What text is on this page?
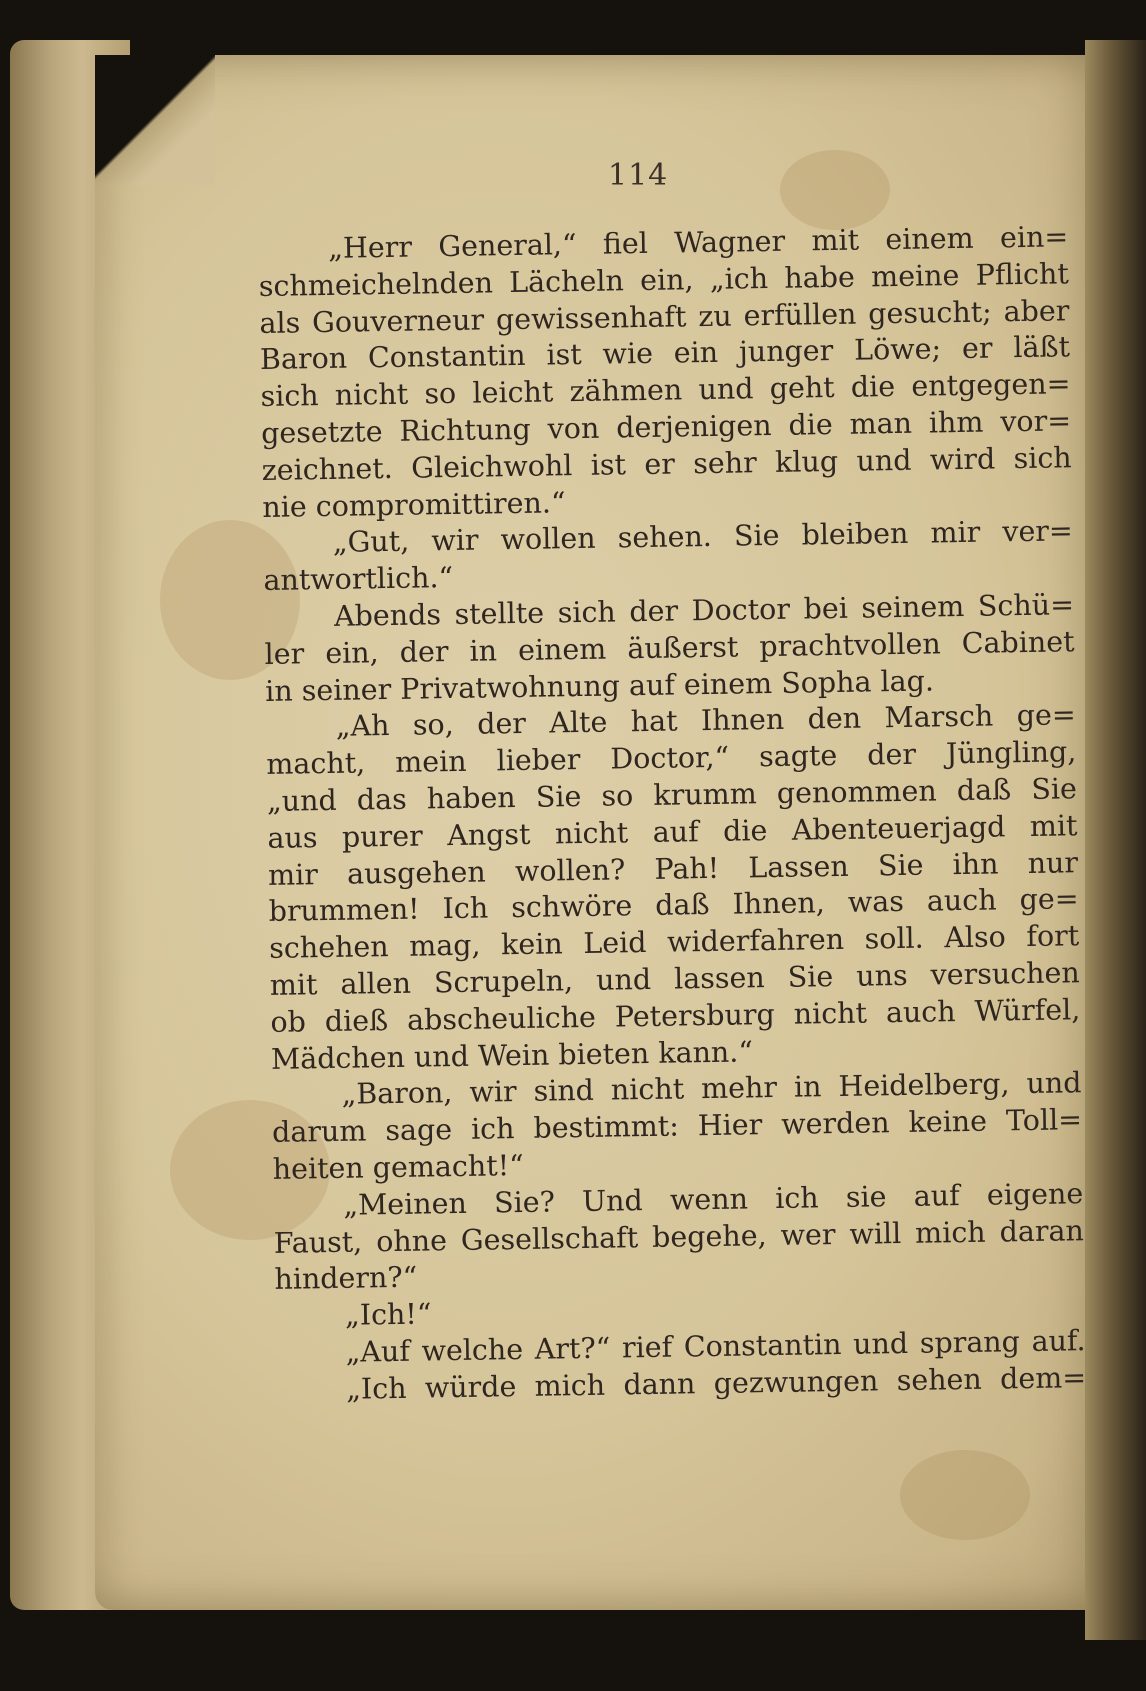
114
„Herr General,“ fiel Wagner mit einem ein=
schmeichelnden Lächeln ein, „ich habe meine Pflicht
als Gouverneur gewissenhaft zu erfüllen gesucht; aber
Baron Constantin ist wie ein junger Löwe; er läßt
sich nicht so leicht zähmen und geht die entgegen=
gesetzte Richtung von derjenigen die man ihm vor=
zeichnet. Gleichwohl ist er sehr klug und wird sich
nie compromittiren.“
„Gut, wir wollen sehen. Sie bleiben mir ver=
antwortlich.“
Abends stellte sich der Doctor bei seinem Schü=
ler ein, der in einem äußerst prachtvollen Cabinet
in seiner Privatwohnung auf einem Sopha lag.
„Ah so, der Alte hat Ihnen den Marsch ge=
macht, mein lieber Doctor,“ sagte der Jüngling,
„und das haben Sie so krumm genommen daß Sie
aus purer Angst nicht auf die Abenteuerjagd mit
mir ausgehen wollen? Pah! Lassen Sie ihn nur
brummen! Ich schwöre daß Ihnen, was auch ge=
schehen mag, kein Leid widerfahren soll. Also fort
mit allen Scrupeln, und lassen Sie uns versuchen
ob dieß abscheuliche Petersburg nicht auch Würfel,
Mädchen und Wein bieten kann.“
„Baron, wir sind nicht mehr in Heidelberg, und
darum sage ich bestimmt: Hier werden keine Toll=
heiten gemacht!“
„Meinen Sie? Und wenn ich sie auf eigene
Faust, ohne Gesellschaft begehe, wer will mich daran
hindern?“
„Ich!“
„Auf welche Art?“ rief Constantin und sprang auf.
„Ich würde mich dann gezwungen sehen dem=
